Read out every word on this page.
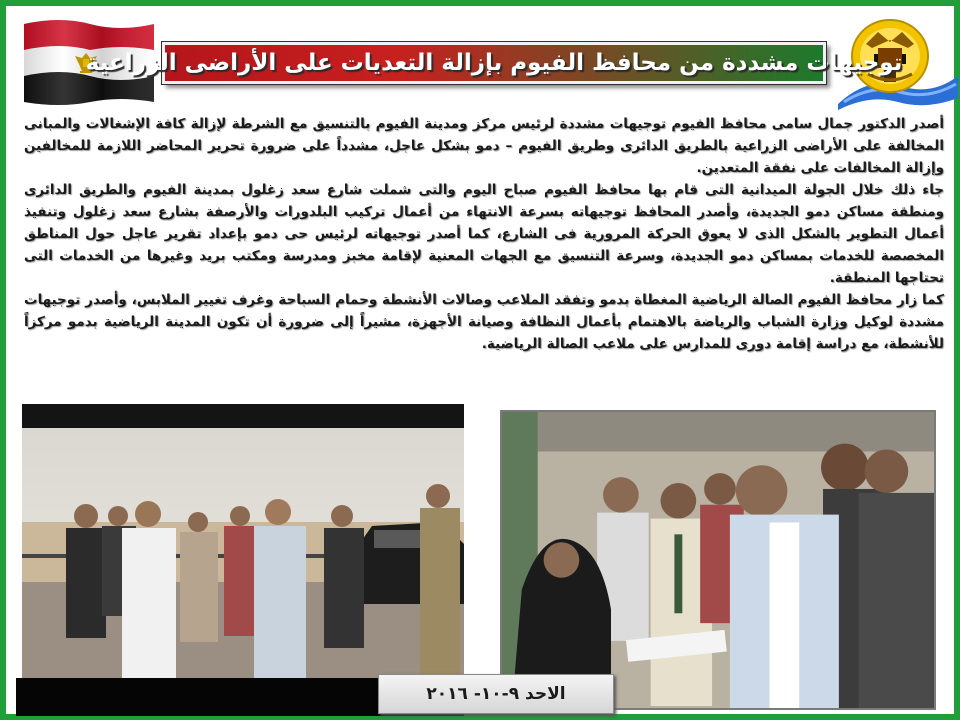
توجيهات مشددة من محافظ الفيوم بإزالة التعديات على الأراضى الزراعية

أصدر الدكتور جمال سامى محافظ الفيوم توجيهات مشددة لرئيس مركز ومدينة الفيوم بالتنسيق مع الشرطة لإزالة كافة الإشغالات والمبانى المخالفة على الأراضى الزراعية بالطريق الدائرى وطريق الفيوم – دمو بشكل عاجل، مشدداً على ضرورة تحرير المحاضر اللازمة للمخالفين وإزالة المخالفات على نفقة المتعدين.

جاء ذلك خلال الجولة الميدانية التى قام بها محافظ الفيوم صباح اليوم والتى شملت شارع سعد زغلول بمدينة الفيوم والطريق الدائرى ومنطقة مساكن دمو الجديدة، وأصدر المحافظ توجيهاته بسرعة الانتهاء من أعمال تركيب البلدورات والأرصفة بشارع سعد زغلول وتنفيذ أعمال التطوير بالشكل الذى لا يعوق الحركة المرورية فى الشارع، كما أصدر توجيهاته لرئيس حى دمو بإعداد تقرير عاجل حول المناطق المخصصة للخدمات بمساكن دمو الجديدة، وسرعة التنسيق مع الجهات المعنية لإقامة مخبز ومدرسة ومكتب بريد وغيرها من الخدمات التى تحتاجها المنطقة.

كما زار محافظ الفيوم الصالة الرياضية المغطاة بدمو وتفقد الملاعب وصالات الأنشطة وحمام السباحة وغرف تغيير الملابس، وأصدر توجيهات مشددة لوكيل وزارة الشباب والرياضة بالاهتمام بأعمال النظافة وصيانة الأجهزة، مشيراً إلى ضرورة أن تكون المدينة الرياضية بدمو مركزاً للأنشطة، مع دراسة إقامة دورى للمدارس على ملاعب الصالة الرياضية.

الاحد ٩-١٠- ٢٠١٦
